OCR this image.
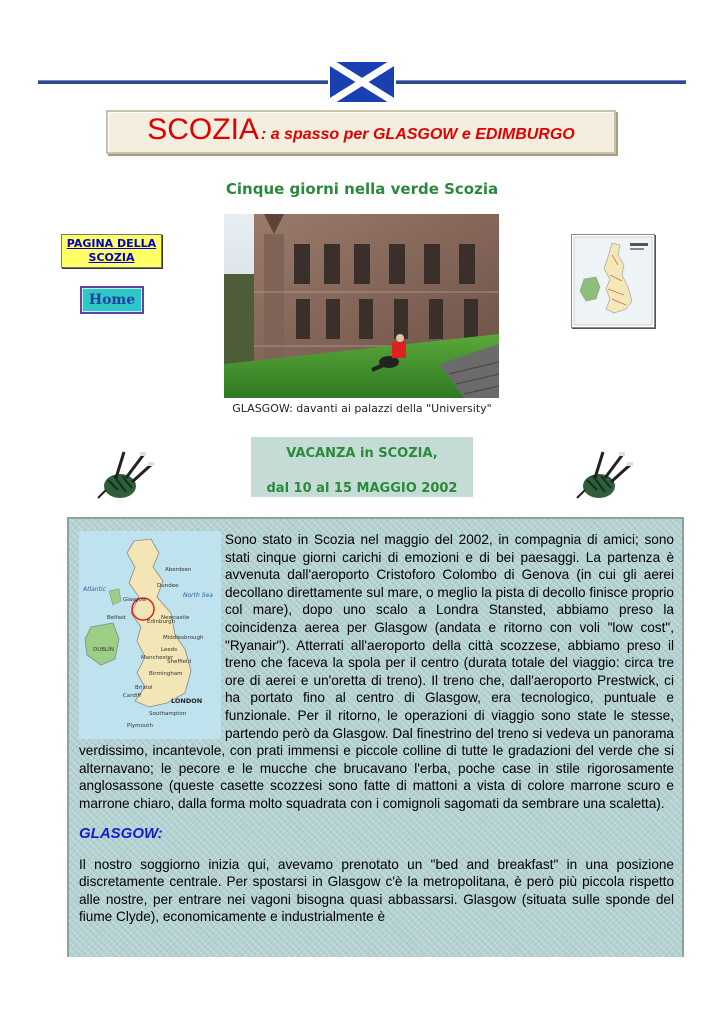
SCOZIA : a spasso per GLASGOW e EDIMBURGO
Cinque giorni nella verde Scozia
PAGINA DELLA SCOZIA
Home
GLASGOW: davanti ai palazzi della "University"
VACANZA in SCOZIA,
dal 10 al 15 MAGGIO 2002
Aberdeen
Dundee
Edinburgh
Glasgow
Newcastle
Middlesbrough
Leeds
Manchester
Sheffield
Birmingham
Bristol
Cardiff
Southampton
Plymouth
DUBLIN
Belfast
LONDON
North Sea
Atlantic

Sono stato in Scozia nel maggio del 2002, in compagnia di amici; sono stati cinque giorni carichi di emozioni e di bei paesaggi. La partenza è avvenuta dall'aeroporto Cristoforo Colombo di Genova (in cui gli aerei decollano direttamente sul mare, o meglio la pista di decollo finisce proprio col mare), dopo uno scalo a Londra Stansted, abbiamo preso la coincidenza aerea per Glasgow (andata e ritorno con voli "low cost", "Ryanair"). Atterrati all'aeroporto della città scozzese, abbiamo preso il treno che faceva la spola per il centro (durata totale del viaggio: circa tre ore di aerei e un'oretta di treno). Il treno che, dall'aeroporto Prestwick, ci ha portato fino al centro di Glasgow, era tecnologico, puntuale e funzionale. Per il ritorno, le operazioni di viaggio sono state le stesse, partendo però da Glasgow. Dal finestrino del treno si vedeva un panorama verdissimo, incantevole, con prati immensi e piccole colline di tutte le gradazioni del verde che si alternavano; le pecore e le mucche che brucavano l'erba, poche case in stile rigorosamente anglosassone (queste casette scozzesi sono fatte di mattoni a vista di colore marrone scuro e marrone chiaro, dalla forma molto squadrata con i comignoli sagomati da sembrare una scaletta).

GLASGOW:

Il nostro soggiorno inizia qui, avevamo prenotato un "bed and breakfast" in una posizione discretamente centrale. Per spostarsi in Glasgow c'è la metropolitana, è però più piccola rispetto alle nostre, per entrare nei vagoni bisogna quasi abbassarsi. Glasgow (situata sulle sponde del fiume Clyde), economicamente e industrialmente è
